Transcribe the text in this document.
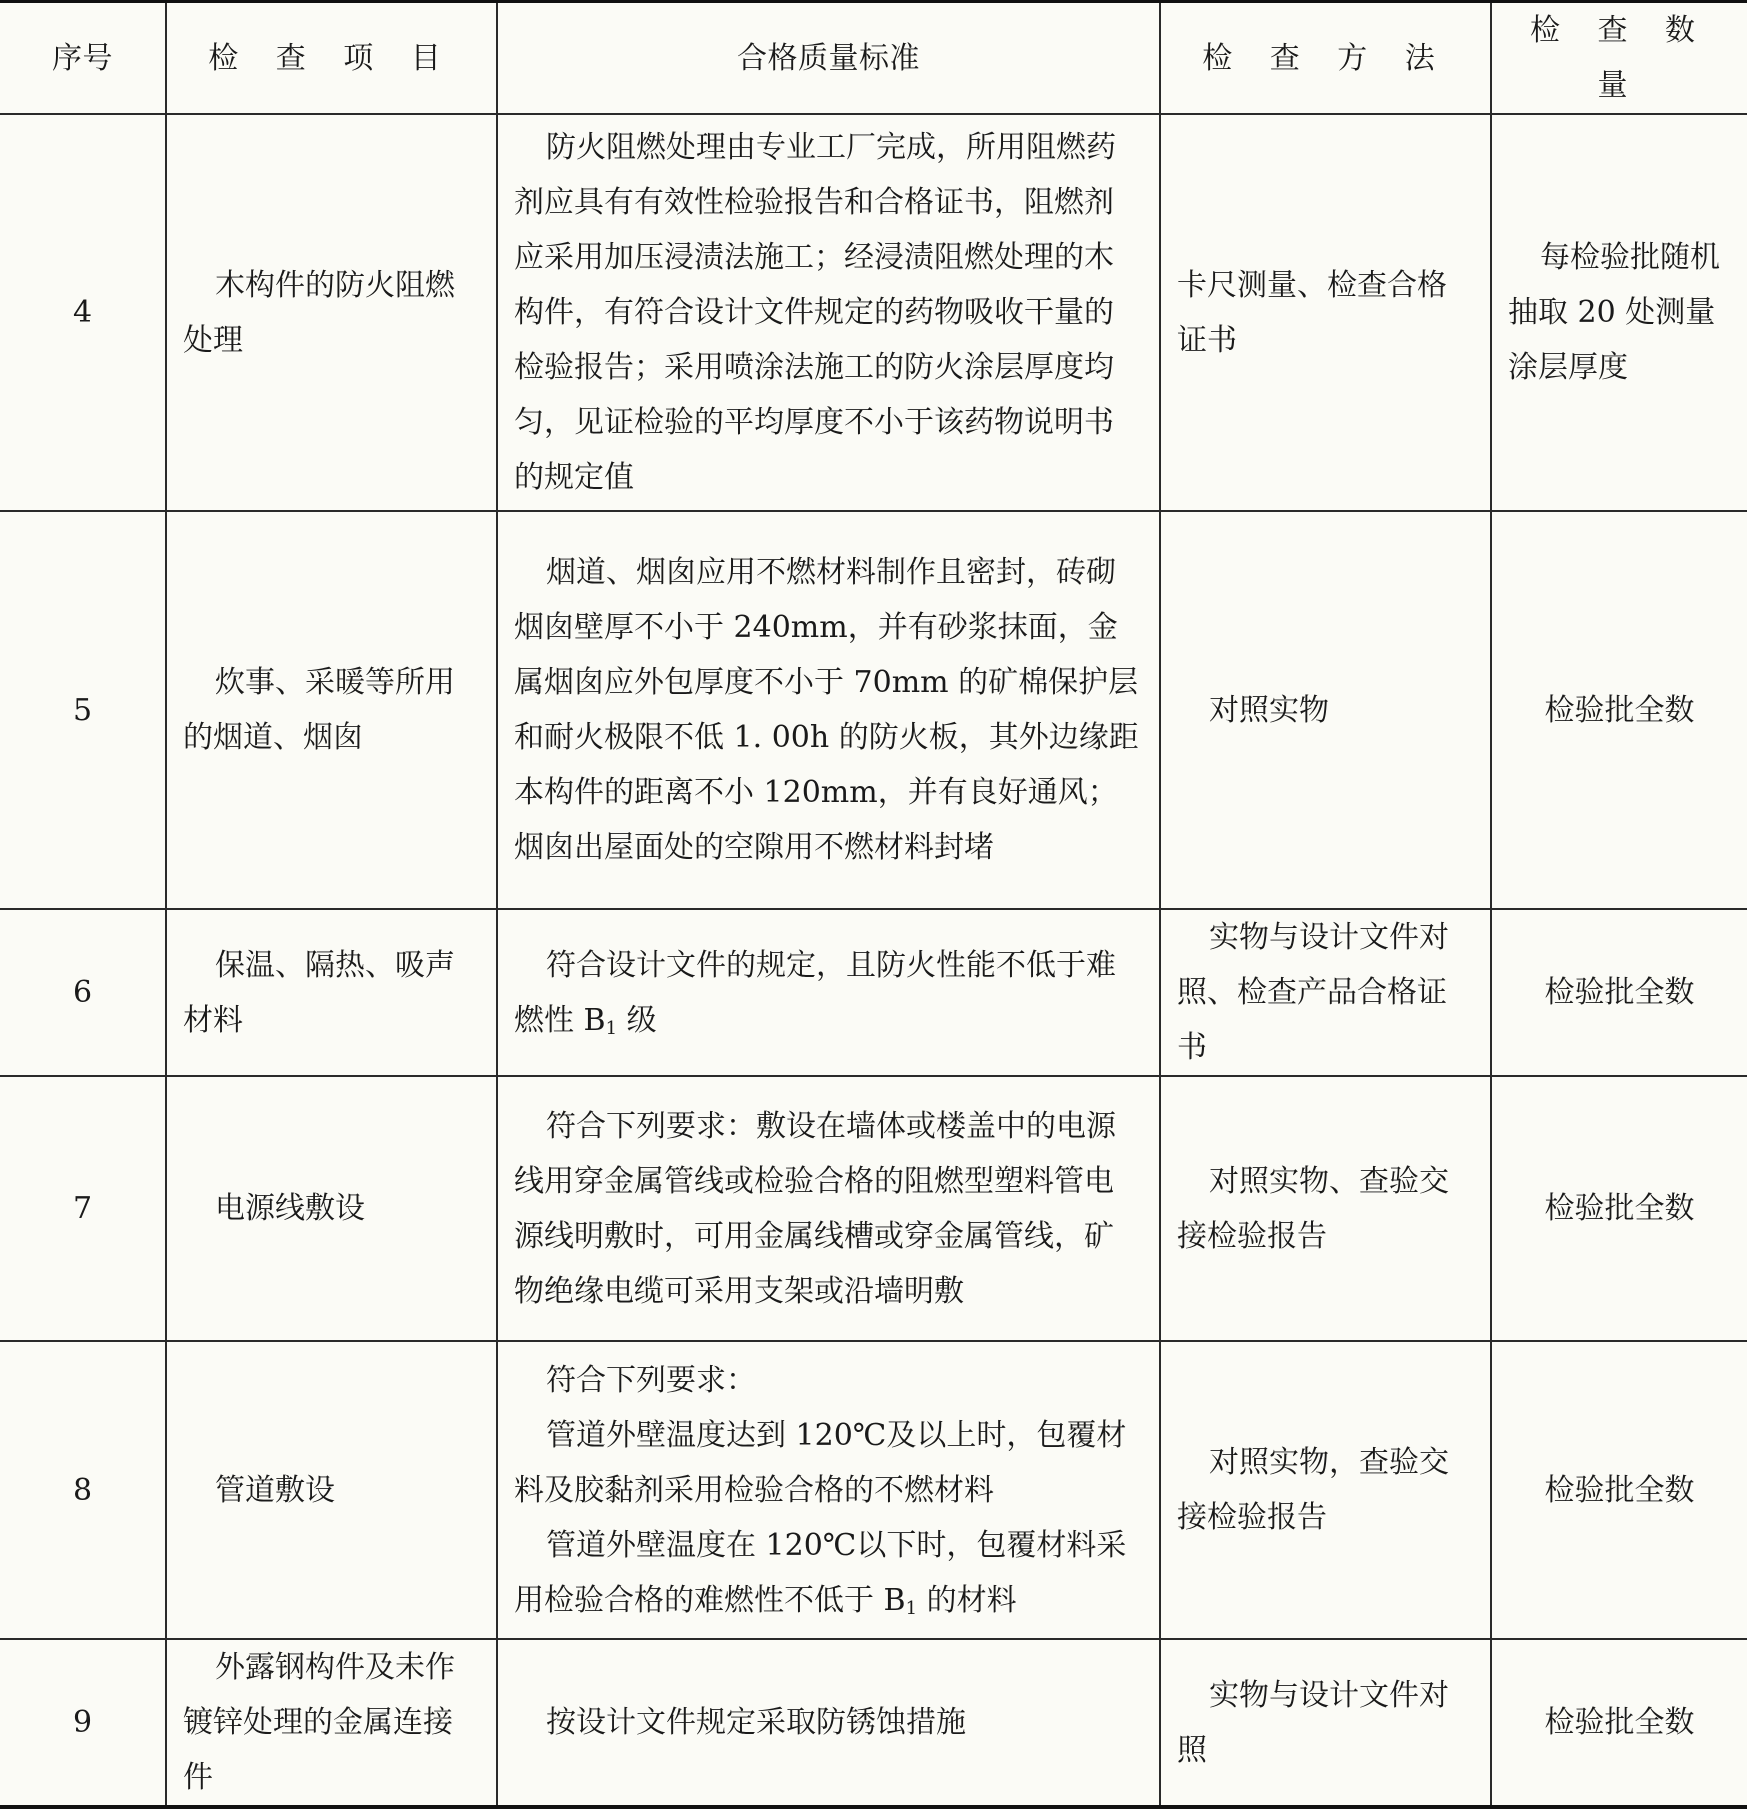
序号	检 查 项 目	合格质量标准	检 查 方 法	检 查 数 量
4	木构件的防火阻燃处理	防火阻燃处理由专业工厂完成，所用阻燃药剂应具有有效性检验报告和合格证书，阻燃剂应采用加压浸渍法施工；经浸渍阻燃处理的木构件，有符合设计文件规定的药物吸收干量的检验报告；采用喷涂法施工的防火涂层厚度均匀，见证检验的平均厚度不小于该药物说明书的规定值	卡尺测量、检查合格证书	每检验批随机抽取 20 处测量涂层厚度

5	炊事、采暖等所用的烟道、烟囱	烟道、烟囱应用不燃材料制作且密封，砖砌烟囱壁厚不小于 240mm，并有砂浆抹面，金属烟囱应外包厚度不小于 70mm 的矿棉保护层和耐火极限不低 1. 00h 的防火板，其外边缘距本构件的距离不小 120mm，并有良好通风；烟囱出屋面处的空隙用不燃材料封堵	对照实物	检验批全数
6	保温、隔热、吸声材料	符合设计文件的规定，且防火性能不低于难燃性 $B_1$ 级	实物与设计文件对照、检查产品合格证书	检验批全数
7	电源线敷设	符合下列要求：敷设在墙体或楼盖中的电源线用穿金属管线或检验合格的阻燃型塑料管电源线明敷时，可用金属线槽或穿金属管线，矿物绝缘电缆可采用支架或沿墙明敷	对照实物、查验交接检验报告	检验批全数
8	管道敷设	符合下列要求：
管道外壁温度达到 120℃及以上时，包覆材料及胶黏剂采用检验合格的不燃材料
管道外壁温度在 120℃以下时，包覆材料采用检验合格的难燃性不低于 $B_1$ 的材料	对照实物，查验交接检验报告	检验批全数
9	外露钢构件及未作镀锌处理的金属连接件	按设计文件规定采取防锈蚀措施	实物与设计文件对照	检验批全数
